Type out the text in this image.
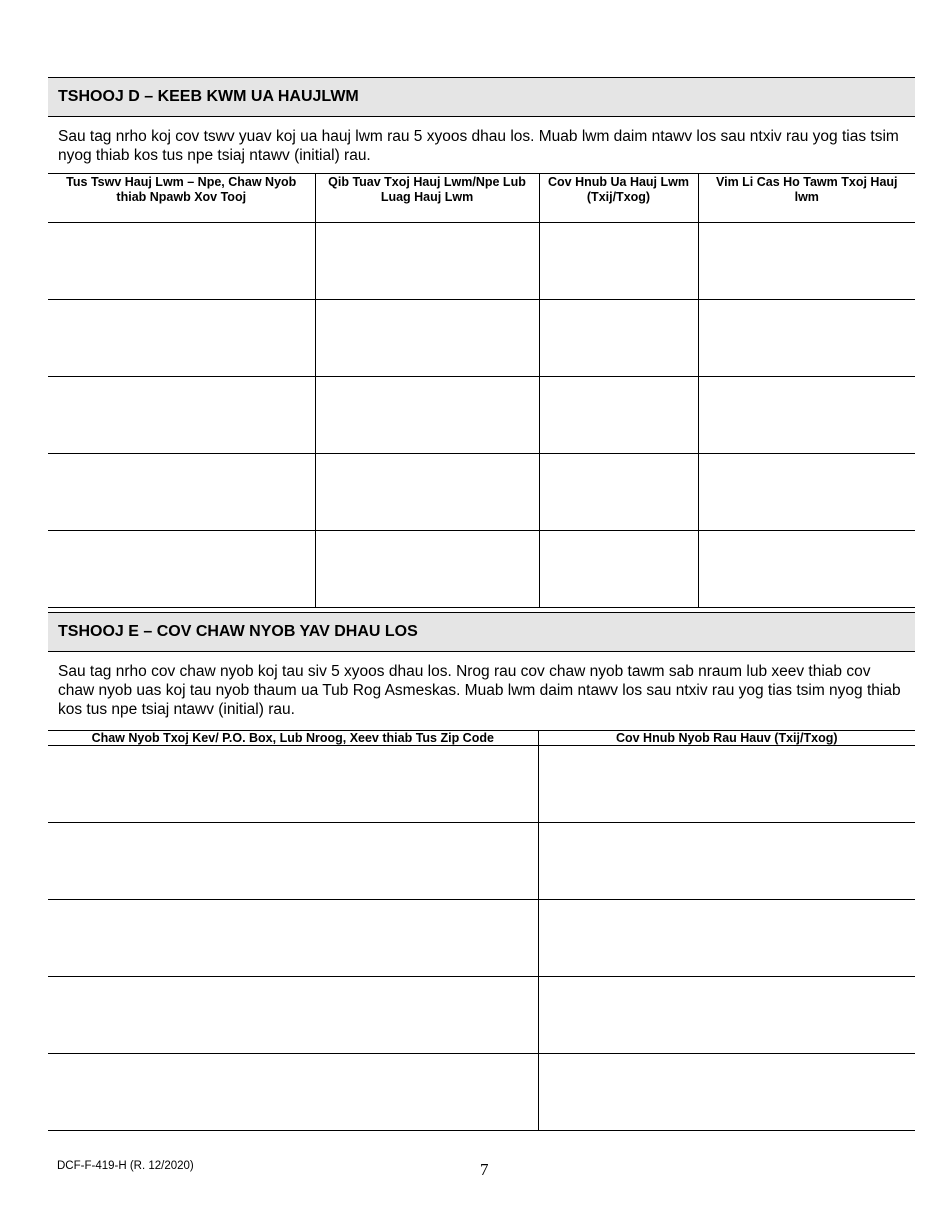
TSHOOJ D – KEEB KWM UA HAUJLWM
Sau tag nrho koj cov tswv yuav koj ua hauj lwm rau 5 xyoos dhau los. Muab lwm daim ntawv los sau ntxiv rau yog tias tsim nyog thiab kos tus npe tsiaj ntawv (initial) rau.
Tus Tswv Hauj Lwm – Npe, Chaw Nyob thiab Npawb Xov Tooj	Qib Tuav Txoj Hauj Lwm/Npe Lub Luag Hauj Lwm	Cov Hnub Ua Hauj Lwm (Txij/Txog)	Vim Li Cas Ho Tawm Txoj Hauj lwm

TSHOOJ E – COV CHAW NYOB YAV DHAU LOS
Sau tag nrho cov chaw nyob koj tau siv 5 xyoos dhau los. Nrog rau cov chaw nyob tawm sab nraum lub xeev thiab cov chaw nyob uas koj tau nyob thaum ua Tub Rog Asmeskas. Muab lwm daim ntawv los sau ntxiv rau yog tias tsim nyog thiab kos tus npe tsiaj ntawv (initial) rau.
Chaw Nyob Txoj Kev/ P.O. Box, Lub Nroog, Xeev thiab Tus Zip Code	Cov Hnub Nyob Rau Hauv (Txij/Txog)

DCF-F-419-H (R. 12/2020)	7
